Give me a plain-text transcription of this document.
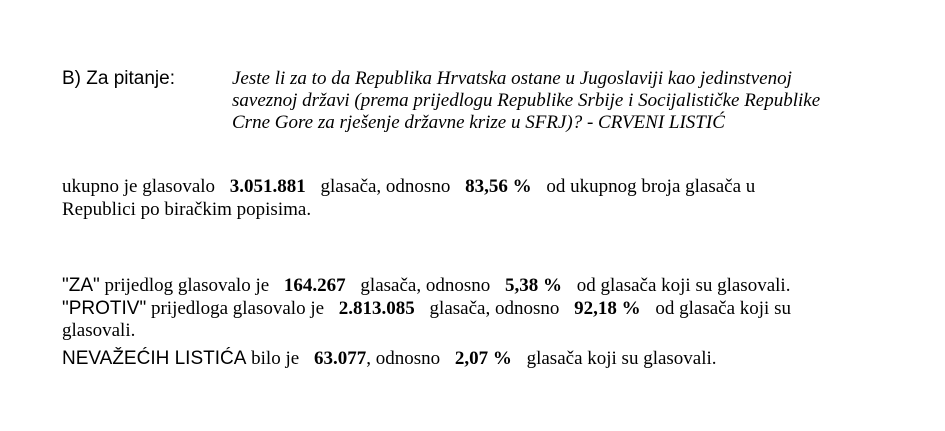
B) Za pitanje:	Jeste li za to da Republika Hrvatska ostane u Jugoslaviji kao jedinstvenoj
saveznoj državi (prema prijedlogu Republike Srbije i Socijalističke Republike
Crne Gore za rješenje državne krize u SFRJ)? - CRVENI LISTIĆ
ukupno je glasovalo 3.051.881 glasača, odnosno 83,56 % od ukupnog broja glasača u
Republici po biračkim popisima.
"ZA" prijedlog glasovalo je 164.267 glasača, odnosno 5,38 % od glasača koji su glasovali.
"PROTIV" prijedloga glasovalo je 2.813.085 glasača, odnosno 92,18 % od glasača koji su
glasovali.
NEVAŽEĆIH LISTIĆA bilo je 63.077, odnosno 2,07 % glasača koji su glasovali.
